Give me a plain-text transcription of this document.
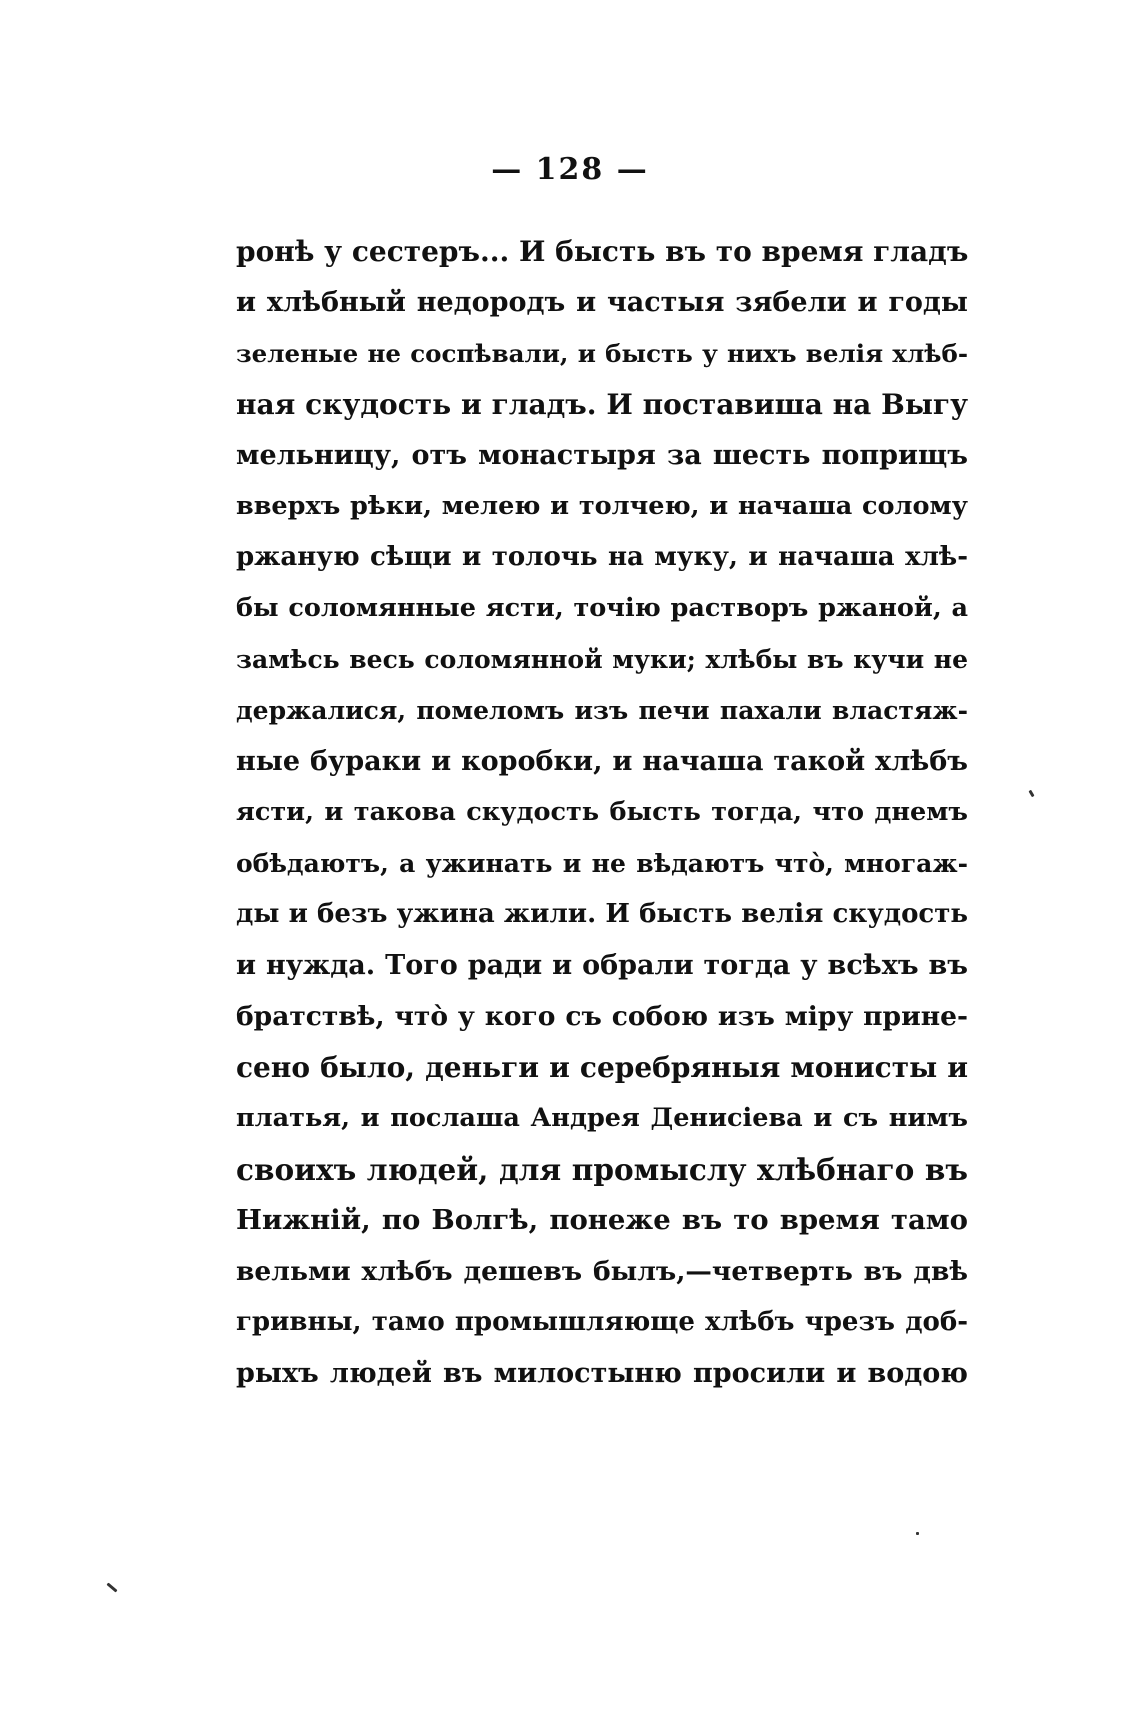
— 128 —
ронѣ у сестеръ... И бысть въ то время гладъ
и хлѣбный недородъ и частыя зябели и годы
зеленые не соспѣвали, и бысть у нихъ велія хлѣб-
ная скудость и гладъ. И поставиша на Выгу
мельницу, отъ монастыря за шесть поприщъ
вверхъ рѣки, мелею и толчею, и начаша солому
ржаную сѣщи и толочь на муку, и начаша хлѣ-
бы соломянные ясти, точію растворъ ржаной, а
замѣсь весь соломянной муки; хлѣбы въ кучи не
держалися, помеломъ изъ печи пахали властяж-
ные бураки и коробки, и начаша такой хлѣбъ
ясти, и такова скудость бысть тогда, что днемъ
обѣдаютъ, а ужинать и не вѣдаютъ что̀, многаж-
ды и безъ ужина жили. И бысть велія скудость
и нужда. Того ради и обрали тогда у всѣхъ въ
братствѣ, что̀ у кого съ собою изъ міру прине-
сено было, деньги и серебряныя монисты и
платья, и послаша Андрея Денисіева и съ нимъ
своихъ людей, для промыслу хлѣбнаго въ
Нижній, по Волгѣ, понеже въ то время тамо
вельми хлѣбъ дешевъ былъ,—четверть въ двѣ
гривны, тамо промышляюще хлѣбъ чрезъ доб-
рыхъ людей въ милостыню просили и водою
